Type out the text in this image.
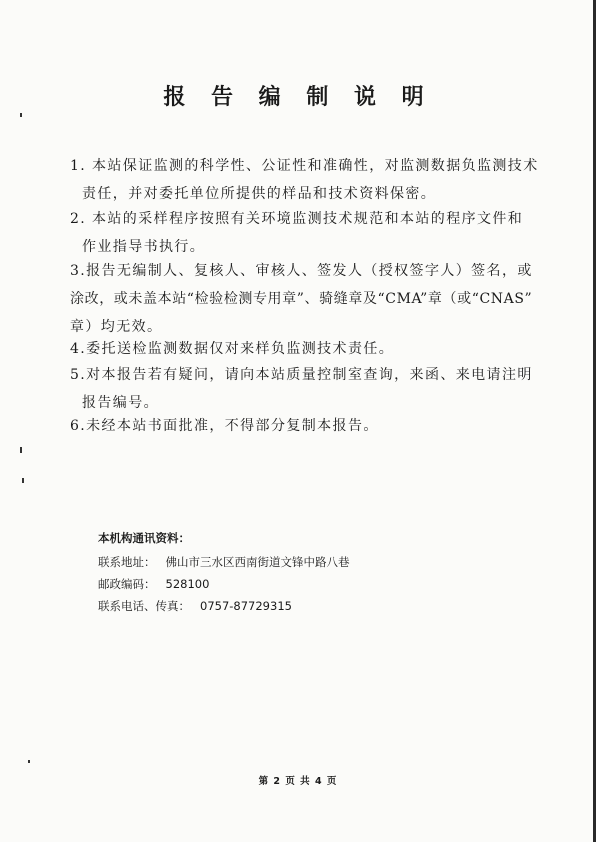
报 告 编 制 说 明
1. 本站保证监测的科学性、公证性和准确性，对监测数据负监测技术
责任，并对委托单位所提供的样品和技术资料保密。
2. 本站的采样程序按照有关环境监测技术规范和本站的程序文件和
作业指导书执行。
3.报告无编制人、复核人、审核人、签发人（授权签字人）签名，或
涂改，或未盖本站“检验检测专用章”、骑缝章及“CMA”章（或“CNAS”
章）均无效。
4.委托送检监测数据仅对来样负监测技术责任。
5.对本报告若有疑问，请向本站质量控制室查询，来函、来电请注明
报告编号。
6.未经本站书面批准，不得部分复制本报告。
本机构通讯资料：
联系地址： 佛山市三水区西南街道文锋中路八巷
邮政编码： 528100
联系电话、传真： 0757-87729315
第 2 页 共 4 页
